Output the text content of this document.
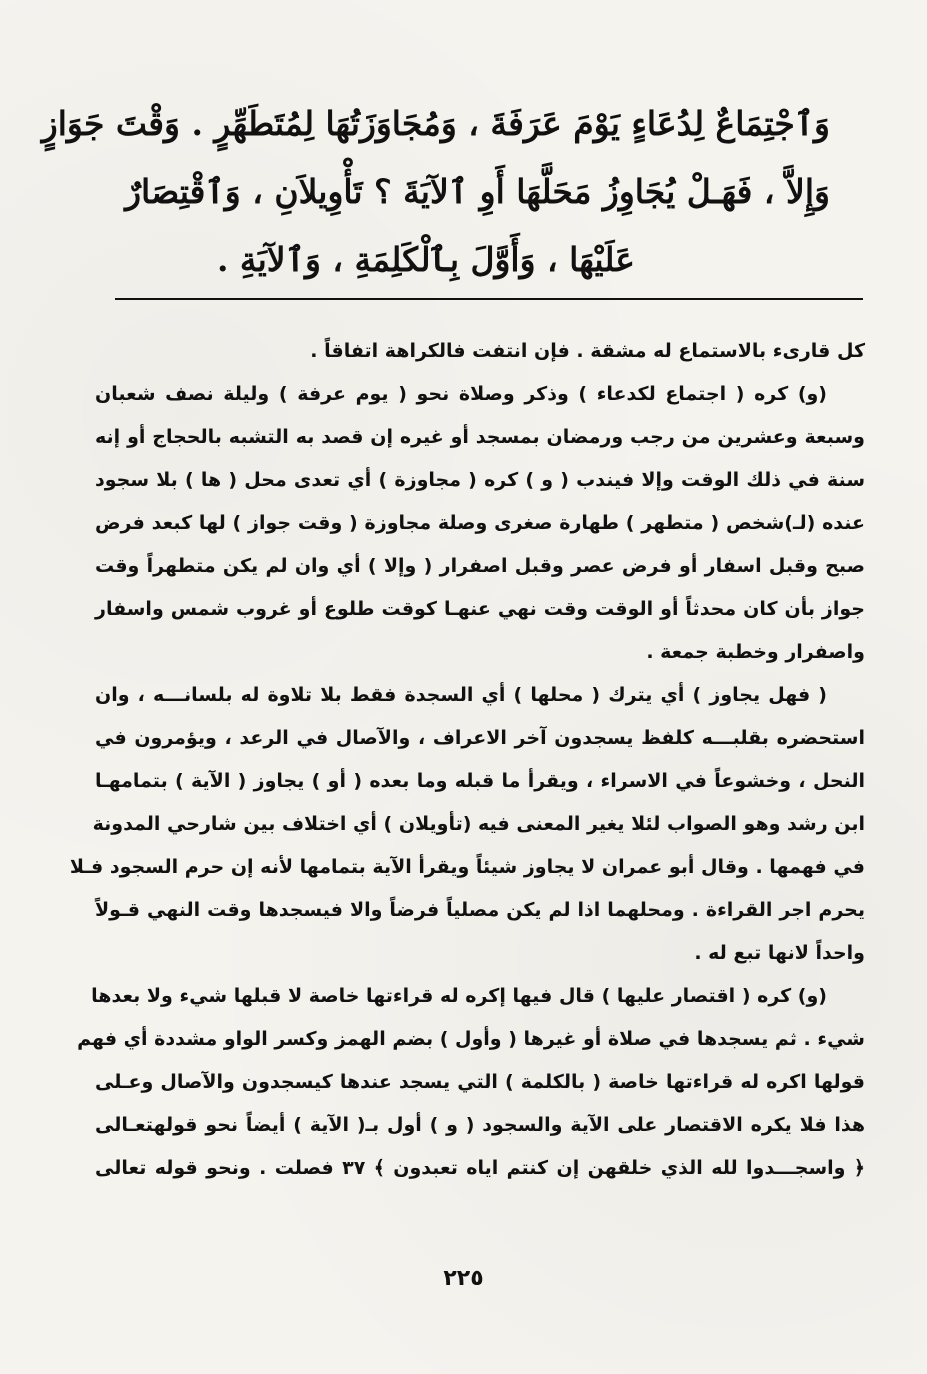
وَٱجْتِمَاعٌ لِدُعَاءٍ يَوْمَ عَرَفَةَ ، وَمُجَاوَزَتُهَا لِمُتَطَهِّرٍ . وَقْتَ جَوَازٍ
وَإِلاَّ ، فَهَـلْ يُجَاوِزُ مَحَلَّهَا أَوِ ٱلآيَةَ ؟ تَأْوِيلاَنِ ، وَٱقْتِصَارٌ
عَلَيْهَا ، وَأَوَّلَ بِٱلْكَلِمَةِ ، وَٱلآيَةِ .
كل قارىء بالاستماع له مشقة . فإن انتفت فالكراهة اتفاقاً .
(و) كره ( اجتماع لكدعاء ) وذكر وصلاة نحو ( يوم عرفة ) وليلة نصف شعبان
وسبعة وعشرين من رجب ورمضان بمسجد أو غيره إن قصد به التشبه بالحجاج أو إنه
سنة في ذلك الوقت وإلا فيندب ( و ) كره ( مجاوزة ) أي تعدى محل ( ها ) بلا سجود
عنده (لـ)شخص ( متطهر ) طهارة صغرى وصلة مجاوزة ( وقت جواز ) لها كبعد فرض
صبح وقبل اسفار أو فرض عصر وقبل اصفرار ( وإلا ) أي وان لم يكن متطهراً وقت
جواز بأن كان محدثاً أو الوقت وقت نهي عنهـا كوقت طلوع أو غروب شمس واسفار
واصفرار وخطبة جمعة .
( فهل يجاوز ) أي يترك ( محلها ) أي السجدة فقط بلا تلاوة له بلسانـــه ، وان
استحضره بقلبـــه كلفظ يسجدون آخر الاعراف ، والآصال في الرعد ، ويؤمرون في
النحل ، وخشوعاً في الاسراء ، ويقرأ ما قبله وما بعده ( أو ) يجاوز ( الآية ) بتمامهـا
ابن رشد وهو الصواب لئلا يغير المعنى فيه (تأويلان ) أي اختلاف بين شارحي المدونة
في فهمها . وقال أبو عمران لا يجاوز شيئاً ويقرأ الآية بتمامها لأنه إن حرم السجود فـلا
يحرم اجر القراءة . ومحلهما اذا لم يكن مصلياً فرضاً والا فيسجدها وقت النهي قـولاً
واحداً لانها تبع له .
(و) كره ( اقتصار عليها ) قال فيها إكره له قراءتها خاصة لا قبلها شيء ولا بعدها
شيء . ثم يسجدها في صلاة أو غيرها ( وأول ) بضم الهمز وكسر الواو مشددة أي فهم
قولها اكره له قراءتها خاصة ( بالكلمة ) التي يسجد عندها كيسجدون والآصال وعـلى
هذا فلا يكره الاقتصار على الآية والسجود ( و ) أول بـ( الآية ) أيضاً نحو قولهتعـالى
﴿ واسجـــدوا لله الذي خلقهن إن كنتم اياه تعبدون ﴾ ٣٧ فصلت . ونحو قوله تعالى
٢٢٥
